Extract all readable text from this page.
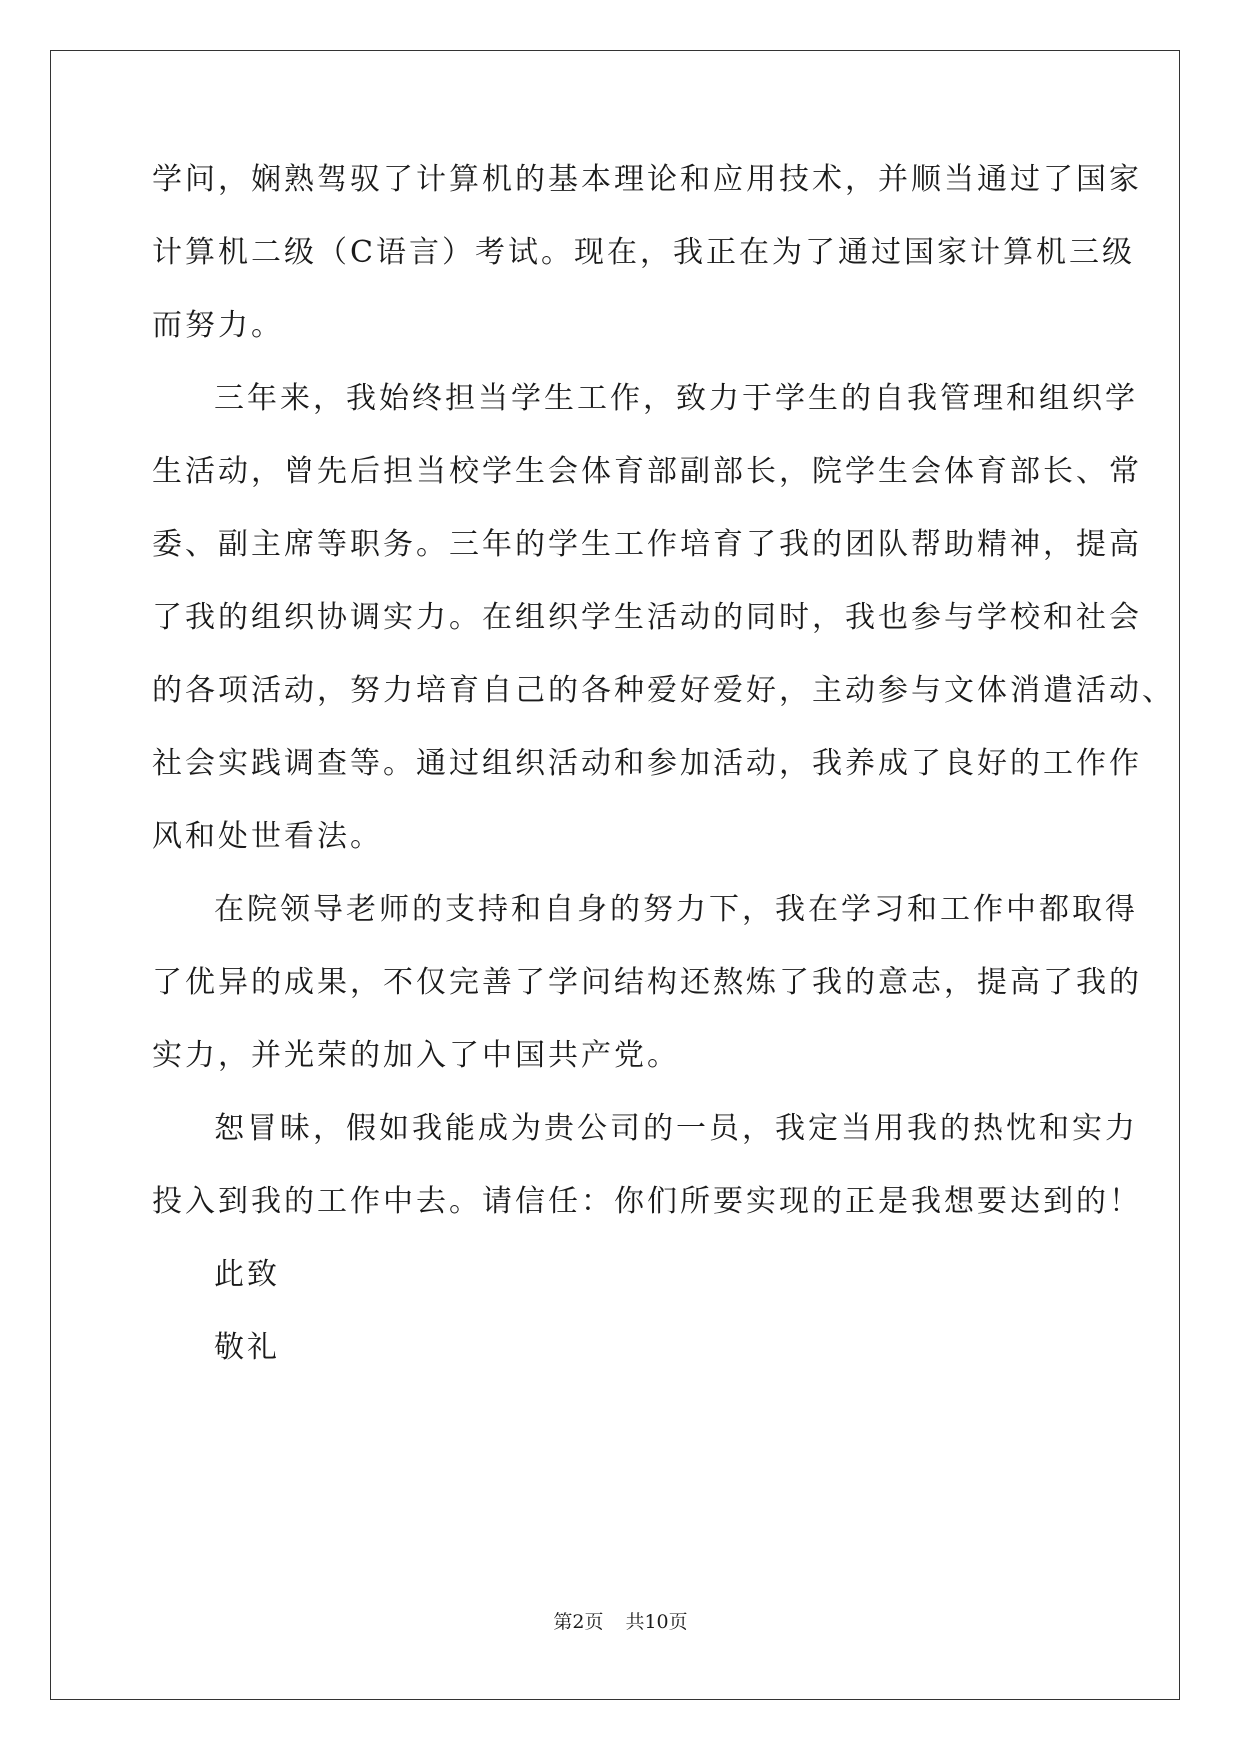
学问，娴熟驾驭了计算机的基本理论和应用技术，并顺当通过了国家

计算机二级（C语言）考试。现在，我正在为了通过国家计算机三级

而努力。

三年来，我始终担当学生工作，致力于学生的自我管理和组织学

生活动，曾先后担当校学生会体育部副部长，院学生会体育部长、常

委、副主席等职务。三年的学生工作培育了我的团队帮助精神，提高

了我的组织协调实力。在组织学生活动的同时，我也参与学校和社会

的各项活动，努力培育自己的各种爱好爱好，主动参与文体消遣活动、

社会实践调查等。通过组织活动和参加活动，我养成了良好的工作作

风和处世看法。

在院领导老师的支持和自身的努力下，我在学习和工作中都取得

了优异的成果，不仅完善了学问结构还熬炼了我的意志，提高了我的

实力，并光荣的加入了中国共产党。

恕冒昧，假如我能成为贵公司的一员，我定当用我的热忱和实力

投入到我的工作中去。请信任：你们所要实现的正是我想要达到的！

此致

敬礼

第2页 共10页
